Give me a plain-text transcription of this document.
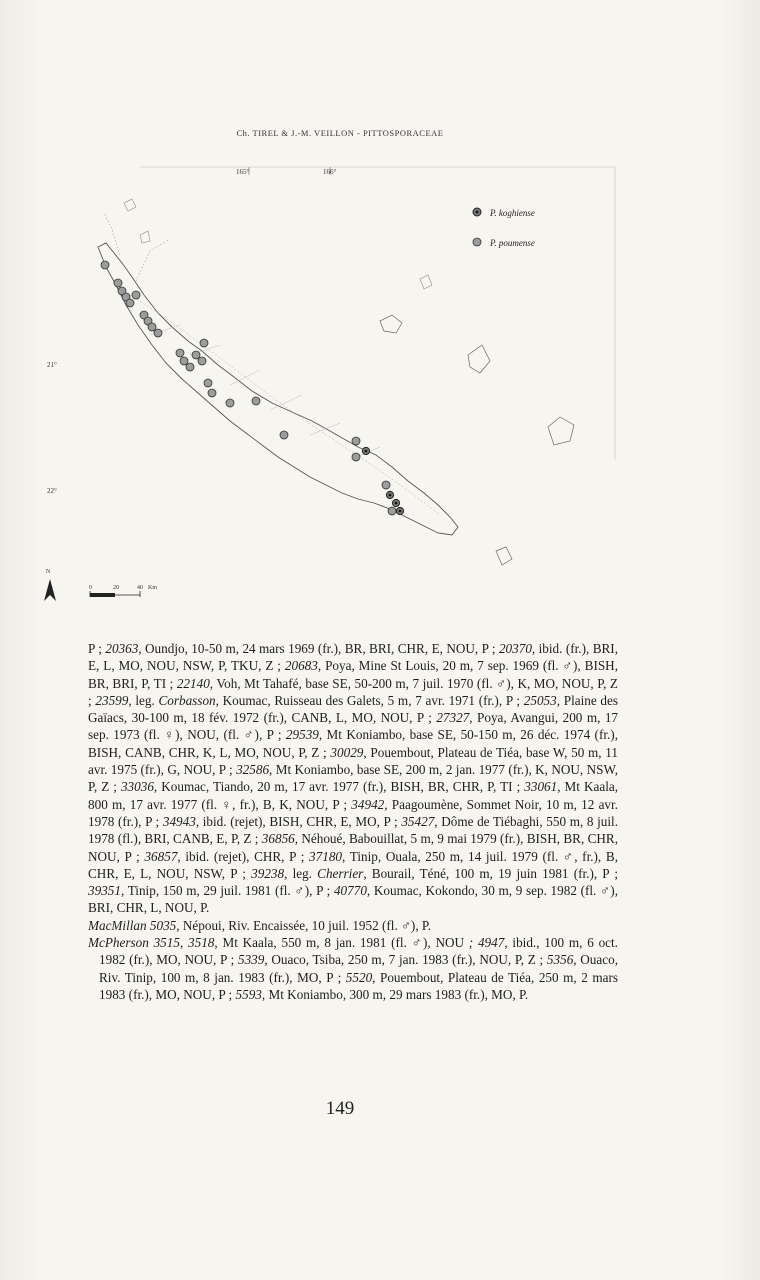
Ch. TIREL & J.-M. VEILLON - PITTOSPORACEAE
165°	166°
21°
22°
P. koghiense
P. poumense
N
0	20	40 Km

P ; 20363, Oundjo, 10-50 m, 24 mars 1969 (fr.), BR, BRI, CHR, E, NOU, P ; 20370, ibid. (fr.), BRI, E, L, MO, NOU, NSW, P, TKU, Z ; 20683, Poya, Mine St Louis, 20 m, 7 sep. 1969 (fl. ♂), BISH, BR, BRI, P, TI ; 22140, Voh, Mt Tahafé, base SE, 50-200 m, 7 juil. 1970 (fl. ♂), K, MO, NOU, P, Z ; 23599, leg. Corbasson, Koumac, Ruisseau des Galets, 5 m, 7 avr. 1971 (fr.), P ; 25053, Plaine des Gaïacs, 30-100 m, 18 fév. 1972 (fr.), CANB, L, MO, NOU, P ; 27327, Poya, Avangui, 200 m, 17 sep. 1973 (fl. ♀), NOU, (fl. ♂), P ; 29539, Mt Koniambo, base SE, 50-150 m, 26 déc. 1974 (fr.), BISH, CANB, CHR, K, L, MO, NOU, P, Z ; 30029, Pouembout, Plateau de Tiéa, base W, 50 m, 11 avr. 1975 (fr.), G, NOU, P ; 32586, Mt Koniambo, base SE, 200 m, 2 jan. 1977 (fr.), K, NOU, NSW, P, Z ; 33036, Koumac, Tiando, 20 m, 17 avr. 1977 (fr.), BISH, BR, CHR, P, TI ; 33061, Mt Kaala, 800 m, 17 avr. 1977 (fl. ♀, fr.), B, K, NOU, P ; 34942, Paagoumène, Sommet Noir, 10 m, 12 avr. 1978 (fr.), P ; 34943, ibid. (rejet), BISH, CHR, E, MO, P ; 35427, Dôme de Tiébaghi, 550 m, 8 juil. 1978 (fl.), BRI, CANB, E, P, Z ; 36856, Néhoué, Babouillat, 5 m, 9 mai 1979 (fr.), BISH, BR, CHR, NOU, P ; 36857, ibid. (rejet), CHR, P ; 37180, Tinip, Ouala, 250 m, 14 juil. 1979 (fl. ♂, fr.), B, CHR, E, L, NOU, NSW, P ; 39238, leg. Cherrier, Bourail, Téné, 100 m, 19 juin 1981 (fr.), P ; 39351, Tinip, 150 m, 29 juil. 1981 (fl. ♂), P ; 40770, Koumac, Kokondo, 30 m, 9 sep. 1982 (fl. ♂), BRI, CHR, L, NOU, P.

MacMillan 5035, Népoui, Riv. Encaissée, 10 juil. 1952 (fl. ♂), P.

McPherson 3515, 3518, Mt Kaala, 550 m, 8 jan. 1981 (fl. ♂), NOU ; 4947, ibid., 100 m, 6 oct. 1982 (fr.), MO, NOU, P ; 5339, Ouaco, Tsiba, 250 m, 7 jan. 1983 (fr.), NOU, P, Z ; 5356, Ouaco, Riv. Tinip, 100 m, 8 jan. 1983 (fr.), MO, P ; 5520, Pouembout, Plateau de Tiéa, 250 m, 2 mars 1983 (fr.), MO, NOU, P ; 5593, Mt Koniambo, 300 m, 29 mars 1983 (fr.), MO, P.

149
